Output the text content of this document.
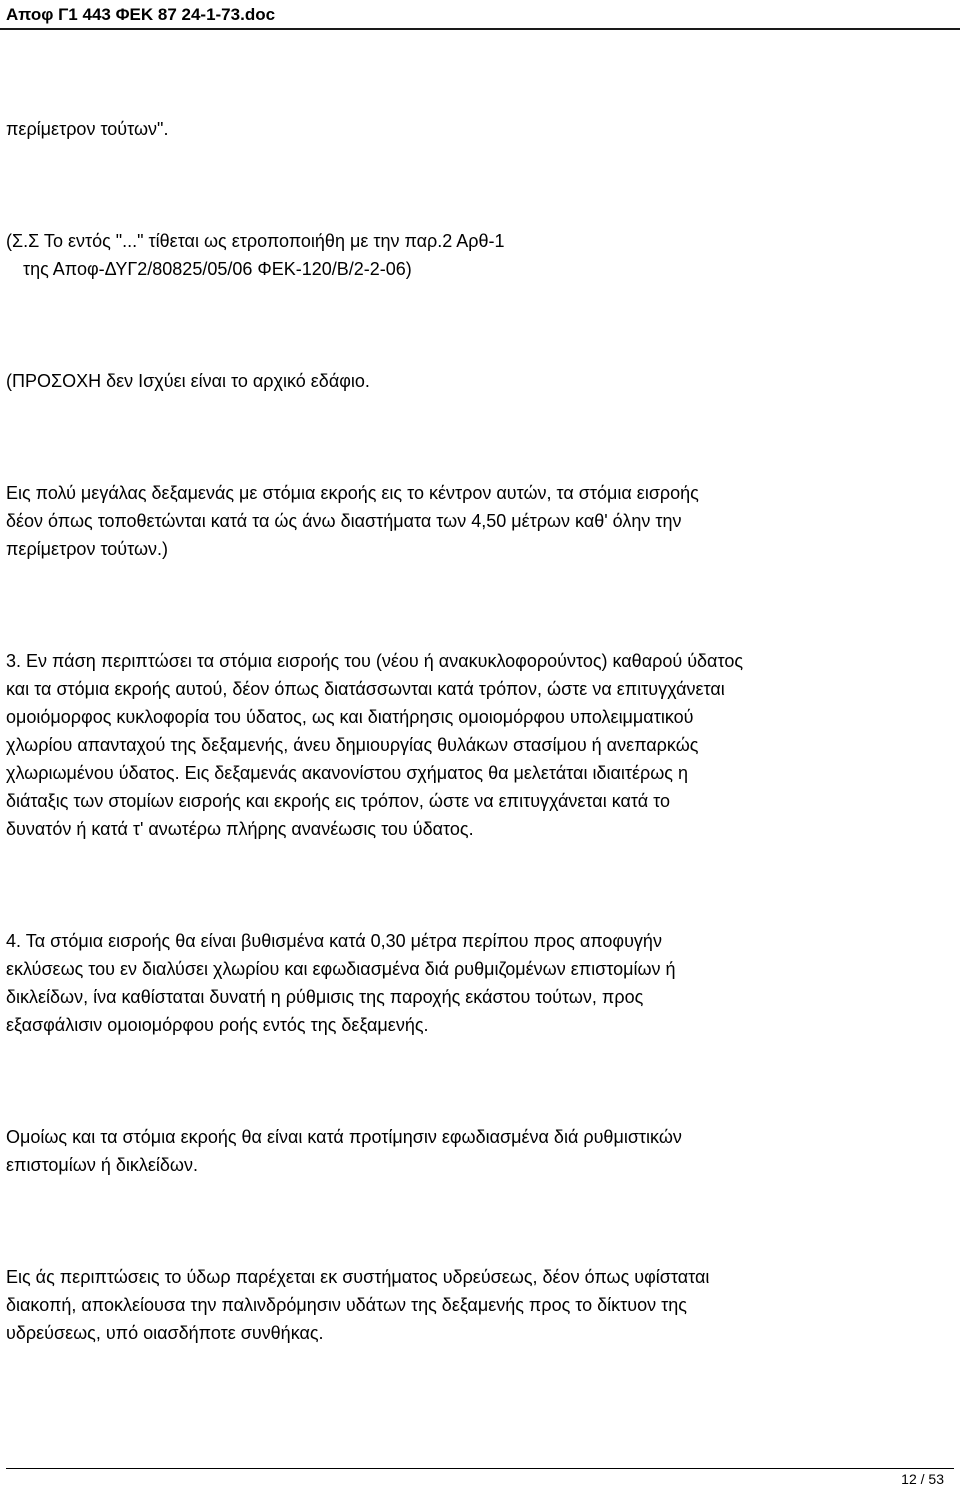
Αποφ Γ1 443 ΦΕΚ 87 24-1-73.doc
περίμετρον τούτων".
(Σ.Σ Το εντός "..." τίθεται ως ετροποποιήθη με την παρ.2 Αρθ-1
της Αποφ-ΔΥΓ2/80825/05/06 ΦΕΚ-120/Β/2-2-06)
(ΠΡΟΣΟΧΗ δεν Ισχύει είναι το αρχικό εδάφιο.
Εις πολύ μεγάλας δεξαμενάς με στόμια εκροής εις το κέντρον αυτών, τα στόμια εισροής
δέον όπως τοποθετώνται κατά τα ώς άνω διαστήματα των 4,50 μέτρων καθ' όλην την
περίμετρον τούτων.)
3. Εν πάση περιπτώσει τα στόμια εισροής του (νέου ή ανακυκλοφορούντος) καθαρού ύδατος
και τα στόμια εκροής αυτού, δέον όπως διατάσσωνται κατά τρόπον, ώστε να επιτυγχάνεται
ομοιόμορφος κυκλοφορία του ύδατος, ως και διατήρησις ομοιομόρφου υπολειμματικού
χλωρίου απανταχού της δεξαμενής, άνευ δημιουργίας θυλάκων στασίμου ή ανεπαρκώς
χλωριωμένου ύδατος. Εις δεξαμενάς ακανονίστου σχήματος θα μελετάται ιδιαιτέρως η
διάταξις των στομίων εισροής και εκροής εις τρόπον, ώστε να επιτυγχάνεται κατά το
δυνατόν ή κατά τ' ανωτέρω πλήρης ανανέωσις του ύδατος.
4. Τα στόμια εισροής θα είναι βυθισμένα κατά 0,30 μέτρα περίπου προς αποφυγήν
εκλύσεως του εν διαλύσει χλωρίου και εφωδιασμένα διά ρυθμιζομένων επιστομίων ή
δικλείδων, ίνα καθίσταται δυνατή η ρύθμισις της παροχής εκάστου τούτων, προς
εξασφάλισιν ομοιομόρφου ροής εντός της δεξαμενής.
Ομοίως και τα στόμια εκροής θα είναι κατά προτίμησιν εφωδιασμένα διά ρυθμιστικών
επιστομίων ή δικλείδων.
Εις άς περιπτώσεις το ύδωρ παρέχεται εκ συστήματος υδρεύσεως, δέον όπως υφίσταται
διακοπή, αποκλείουσα την παλινδρόμησιν υδάτων της δεξαμενής προς το δίκτυον της
υδρεύσεως, υπό οιασδήποτε συνθήκας.
12 / 53
